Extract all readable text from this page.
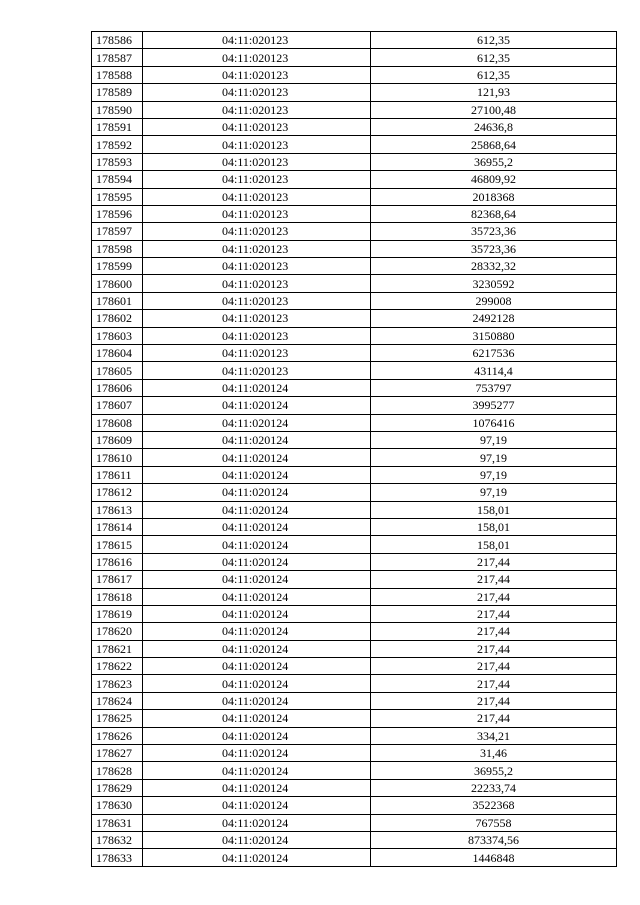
178586	04:11:020123	612,35
178587	04:11:020123	612,35
178588	04:11:020123	612,35
178589	04:11:020123	121,93
178590	04:11:020123	27100,48
178591	04:11:020123	24636,8
178592	04:11:020123	25868,64
178593	04:11:020123	36955,2
178594	04:11:020123	46809,92
178595	04:11:020123	2018368
178596	04:11:020123	82368,64
178597	04:11:020123	35723,36
178598	04:11:020123	35723,36
178599	04:11:020123	28332,32
178600	04:11:020123	3230592
178601	04:11:020123	299008
178602	04:11:020123	2492128
178603	04:11:020123	3150880
178604	04:11:020123	6217536
178605	04:11:020123	43114,4
178606	04:11:020124	753797
178607	04:11:020124	3995277
178608	04:11:020124	1076416
178609	04:11:020124	97,19
178610	04:11:020124	97,19
178611	04:11:020124	97,19
178612	04:11:020124	97,19
178613	04:11:020124	158,01
178614	04:11:020124	158,01
178615	04:11:020124	158,01
178616	04:11:020124	217,44
178617	04:11:020124	217,44
178618	04:11:020124	217,44
178619	04:11:020124	217,44
178620	04:11:020124	217,44
178621	04:11:020124	217,44
178622	04:11:020124	217,44
178623	04:11:020124	217,44
178624	04:11:020124	217,44
178625	04:11:020124	217,44
178626	04:11:020124	334,21
178627	04:11:020124	31,46
178628	04:11:020124	36955,2
178629	04:11:020124	22233,74
178630	04:11:020124	3522368
178631	04:11:020124	767558
178632	04:11:020124	873374,56
178633	04:11:020124	1446848
